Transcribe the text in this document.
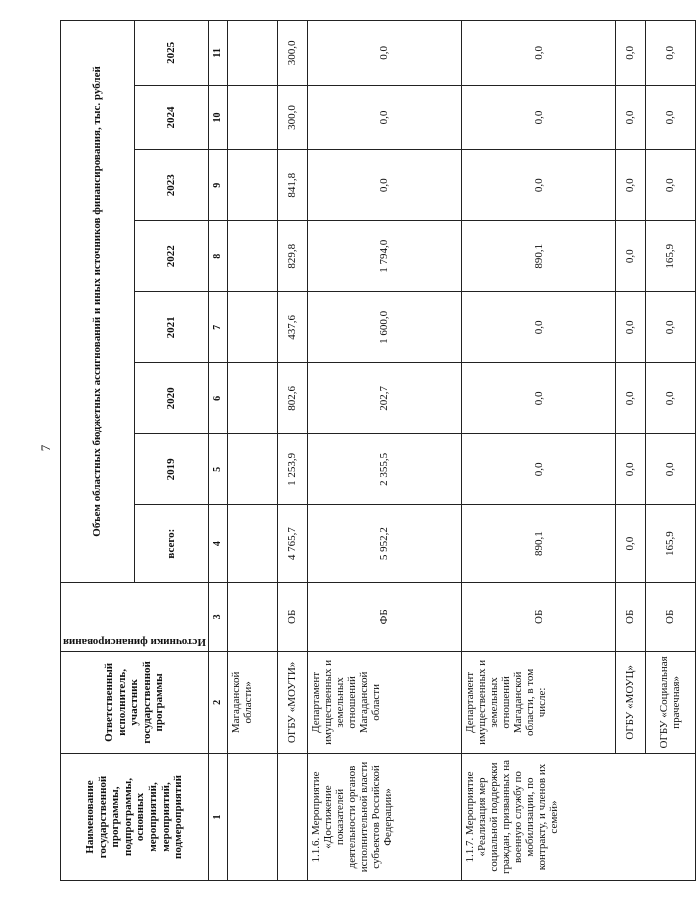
7
Наименование государственной программы, подпрограммы, основных мероприятий, мероприятий, подмероприятий	Ответственный исполнитель, участник государственной программы	Источники финансирования	Объем областных бюджетных ассигнований и иных источников финансирования, тыс. рублей							
			всего:	2019	2020	2021	2022	2023	2024	2025
1	2	3	4	5	6	7	8	9	10	11
	Магаданской области»									
	ОГБУ «МОУТИ»	ОБ	4 765,7	1 253,9	802,6	437,6	829,8	841,8	300,0	300,0
1.1.6. Мероприятие «Достижение показателей деятельности органов исполнительной власти субъектов Российской Федерации»	Департамент имущественных и земельных отношений Магаданской области	ФБ	5 952,2	2 355,5	202,7	1 600,0	1 794,0	0,0	0,0	0,0
1.1.7. Мероприятие «Реализация мер социальной поддержки граждан, призванных на военную службу по мобилизации, по контракту, и членов их семей»	Департамент имущественных и земельных отношений Магаданской области, в том числе:	ОБ	890,1	0,0	0,0	0,0	890,1	0,0	0,0	0,0
	ОГБУ «МОУЦ»	ОБ	0,0	0,0	0,0	0,0	0,0	0,0	0,0	0,0
	ОГБУ «Социальная прачечная»	ОБ	165,9	0,0	0,0	0,0	165,9	0,0	0,0	0,0
